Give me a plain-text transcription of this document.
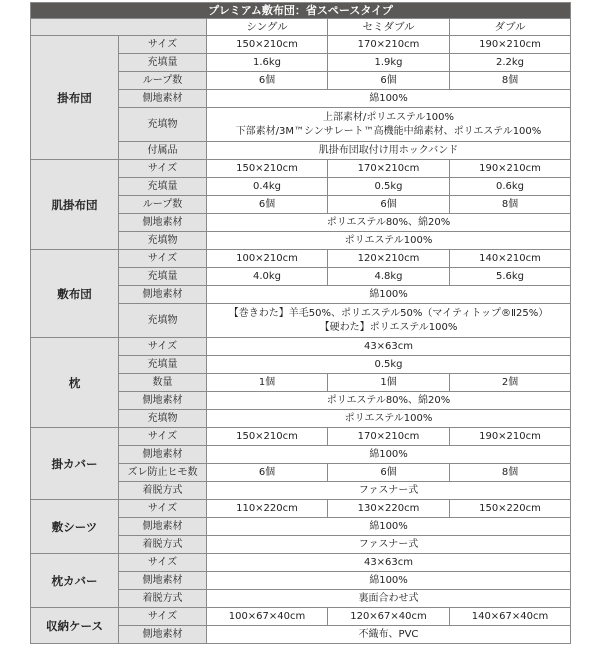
プレミアム敷布団：省スペースタイプ				
		シングル	セミダブル	ダブル
掛布団	サイズ	150×210cm	170×210cm	190×210cm
	充填量	1.6kg	1.9kg	2.2kg
	ループ数	6個	6個	8個
	側地素材	綿100%		
	充填物	上部素材/ポリエステル100%
下部素材/3M™シンサレート™高機能中綿素材、ポリエステル100%		
	付属品	肌掛布団取付け用ホックバンド		
肌掛布団	サイズ	150×210cm	170×210cm	190×210cm
	充填量	0.4kg	0.5kg	0.6kg
	ループ数	6個	6個	8個
	側地素材	ポリエステル80%、綿20%		
	充填物	ポリエステル100%		
敷布団	サイズ	100×210cm	120×210cm	140×210cm
	充填量	4.0kg	4.8kg	5.6kg
	側地素材	綿100%		
	充填物	【巻きわた】羊毛50%、ポリエステル50%（マイティトップ®Ⅱ25%）
【硬わた】ポリエステル100%		
枕	サイズ	43×63cm		
	充填量	0.5kg		
	数量	1個	1個	2個
	側地素材	ポリエステル80%、綿20%		
	充填物	ポリエステル100%		
掛カバー	サイズ	150×210cm	170×210cm	190×210cm
	側地素材	綿100%		
	ズレ防止ヒモ数	6個	6個	8個
	着脱方式	ファスナー式		
敷シーツ	サイズ	110×220cm	130×220cm	150×220cm
	側地素材	綿100%		
	着脱方式	ファスナー式		
枕カバー	サイズ	43×63cm		
	側地素材	綿100%		
	着脱方式	裏面合わせ式		
収納ケース	サイズ	100×67×40cm	120×67×40cm	140×67×40cm
	側地素材	不織布、PVC		
